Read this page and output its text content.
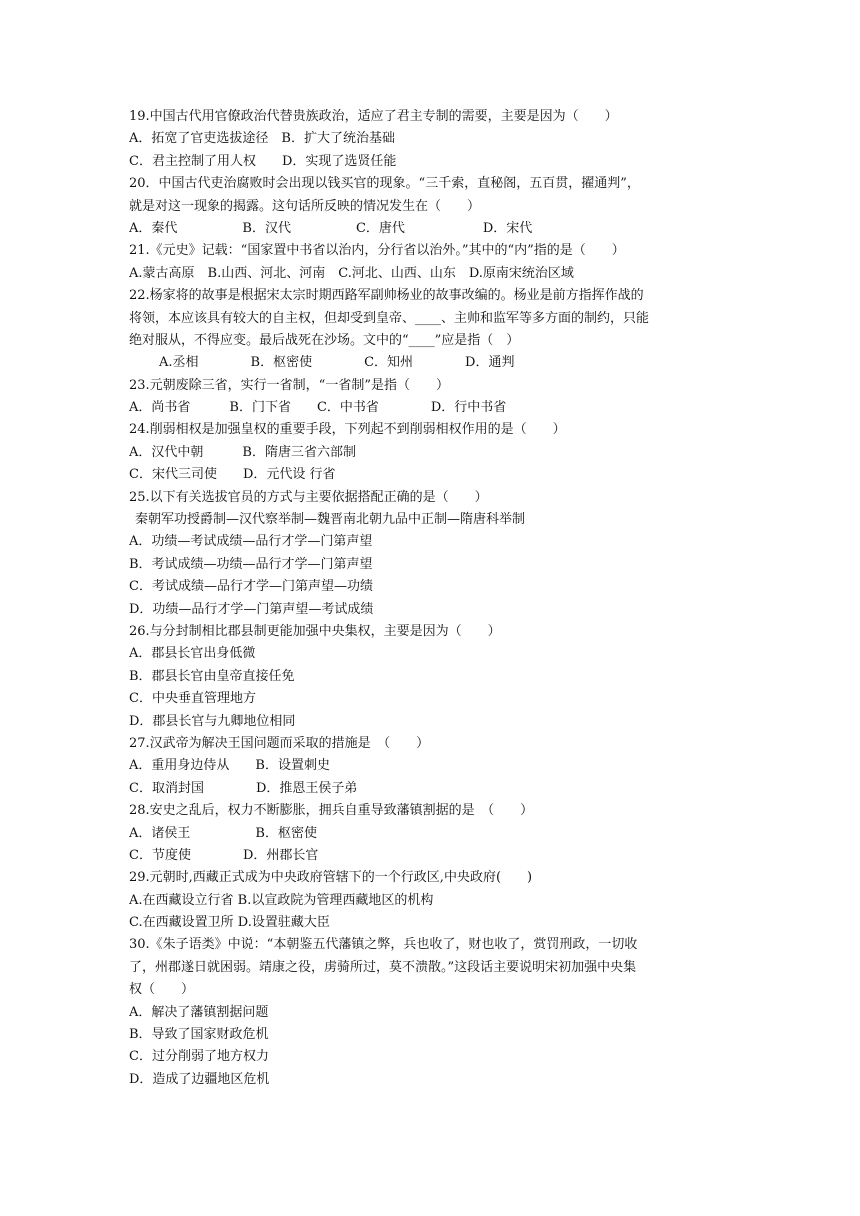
19.中国古代用官僚政治代替贵族政治，适应了君主专制的需要，主要是因为（　　）
A．拓宽了官吏选拔途径　B．扩大了统治基础
C．君主控制了用人权　　D．实现了选贤任能
20．中国古代吏治腐败时会出现以钱买官的现象。“三千索，直秘阁，五百贯，擢通判”，
就是对这一现象的揭露。这句话所反映的情况发生在（　　）
A．秦代　　　　　B．汉代　　　　　C．唐代　　　　　　D．宋代
21.《元史》记载：“国家置中书省以治内，分行省以治外。”其中的“内”指的是（　　）
A.蒙古高原　B.山西、河北、河南　C.河北、山西、山东　D.原南宋统治区域
22.杨家将的故事是根据宋太宗时期西路军副帅杨业的故事改编的。杨业是前方指挥作战的
将领，本应该具有较大的自主权，但却受到皇帝、____、主帅和监军等多方面的制约，只能
绝对服从，不得应变。最后战死在沙场。文中的“____”应是指（　）
A.丞相　　　　B．枢密使　　　　C．知州　　　　D．通判
23.元朝废除三省，实行一省制，“一省制”是指（　　）
A．尚书省　　　B．门下省　　C．中书省　　　　D．行中书省
24.削弱相权是加强皇权的重要手段，下列起不到削弱相权作用的是（　　）
A．汉代中朝　　　B．隋唐三省六部制
C．宋代三司使　　D．元代设 行省
25.以下有关选拔官员的方式与主要依据搭配正确的是（　　）
秦朝军功授爵制—汉代察举制—魏晋南北朝九品中正制—隋唐科举制
A．功绩—考试成绩—品行才学—门第声望
B．考试成绩—功绩—品行才学—门第声望
C．考试成绩—品行才学—门第声望—功绩
D．功绩—品行才学—门第声望—考试成绩
26.与分封制相比郡县制更能加强中央集权，主要是因为（　　）
A．郡县长官出身低微
B．郡县长官由皇帝直接任免
C．中央垂直管理地方
D．郡县长官与九卿地位相同
27.汉武帝为解决王国问题而采取的措施是　（　　）
A．重用身边侍从　　B．设置刺史
C．取消封国　　　　D．推恩王侯子弟
28.安史之乱后，权力不断膨胀，拥兵自重导致藩镇割据的是　（　　）
A．诸侯王　　　　　B．枢密使
C．节度使　　　　D．州郡长官
29.元朝时,西藏正式成为中央政府管辖下的一个行政区,中央政府(　　)
A.在西藏设立行省 B.以宣政院为管理西藏地区的机构
C.在西藏设置卫所 D.设置驻藏大臣
30.《朱子语类》中说：“本朝鉴五代藩镇之弊，兵也收了，财也收了，赏罚刑政，一切收
了，州郡遂日就困弱。靖康之役，虏骑所过，莫不溃散。”这段话主要说明宋初加强中央集
权（　　）
A．解决了藩镇割据问题
B．导致了国家财政危机
C．过分削弱了地方权力
D．造成了边疆地区危机
